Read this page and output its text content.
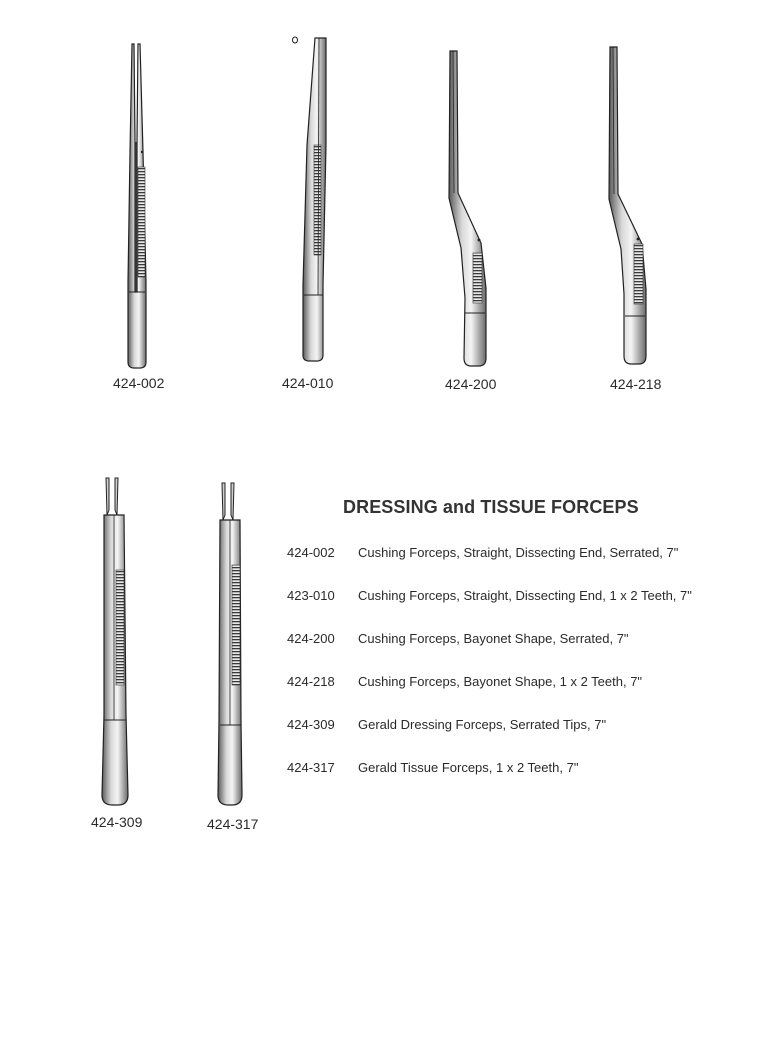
424-002	424-010	424-200	424-218
424-309	424-317
DRESSING and TISSUE FORCEPS
424-002	Cushing Forceps, Straight, Dissecting End, Serrated, 7"
423-010	Cushing Forceps, Straight, Dissecting End, 1 x 2 Teeth, 7"
424-200	Cushing Forceps, Bayonet Shape, Serrated, 7"
424-218	Cushing Forceps, Bayonet Shape, 1 x 2 Teeth, 7"
424-309	Gerald Dressing Forceps, Serrated Tips, 7"
424-317	Gerald Tissue Forceps, 1 x 2 Teeth, 7"
